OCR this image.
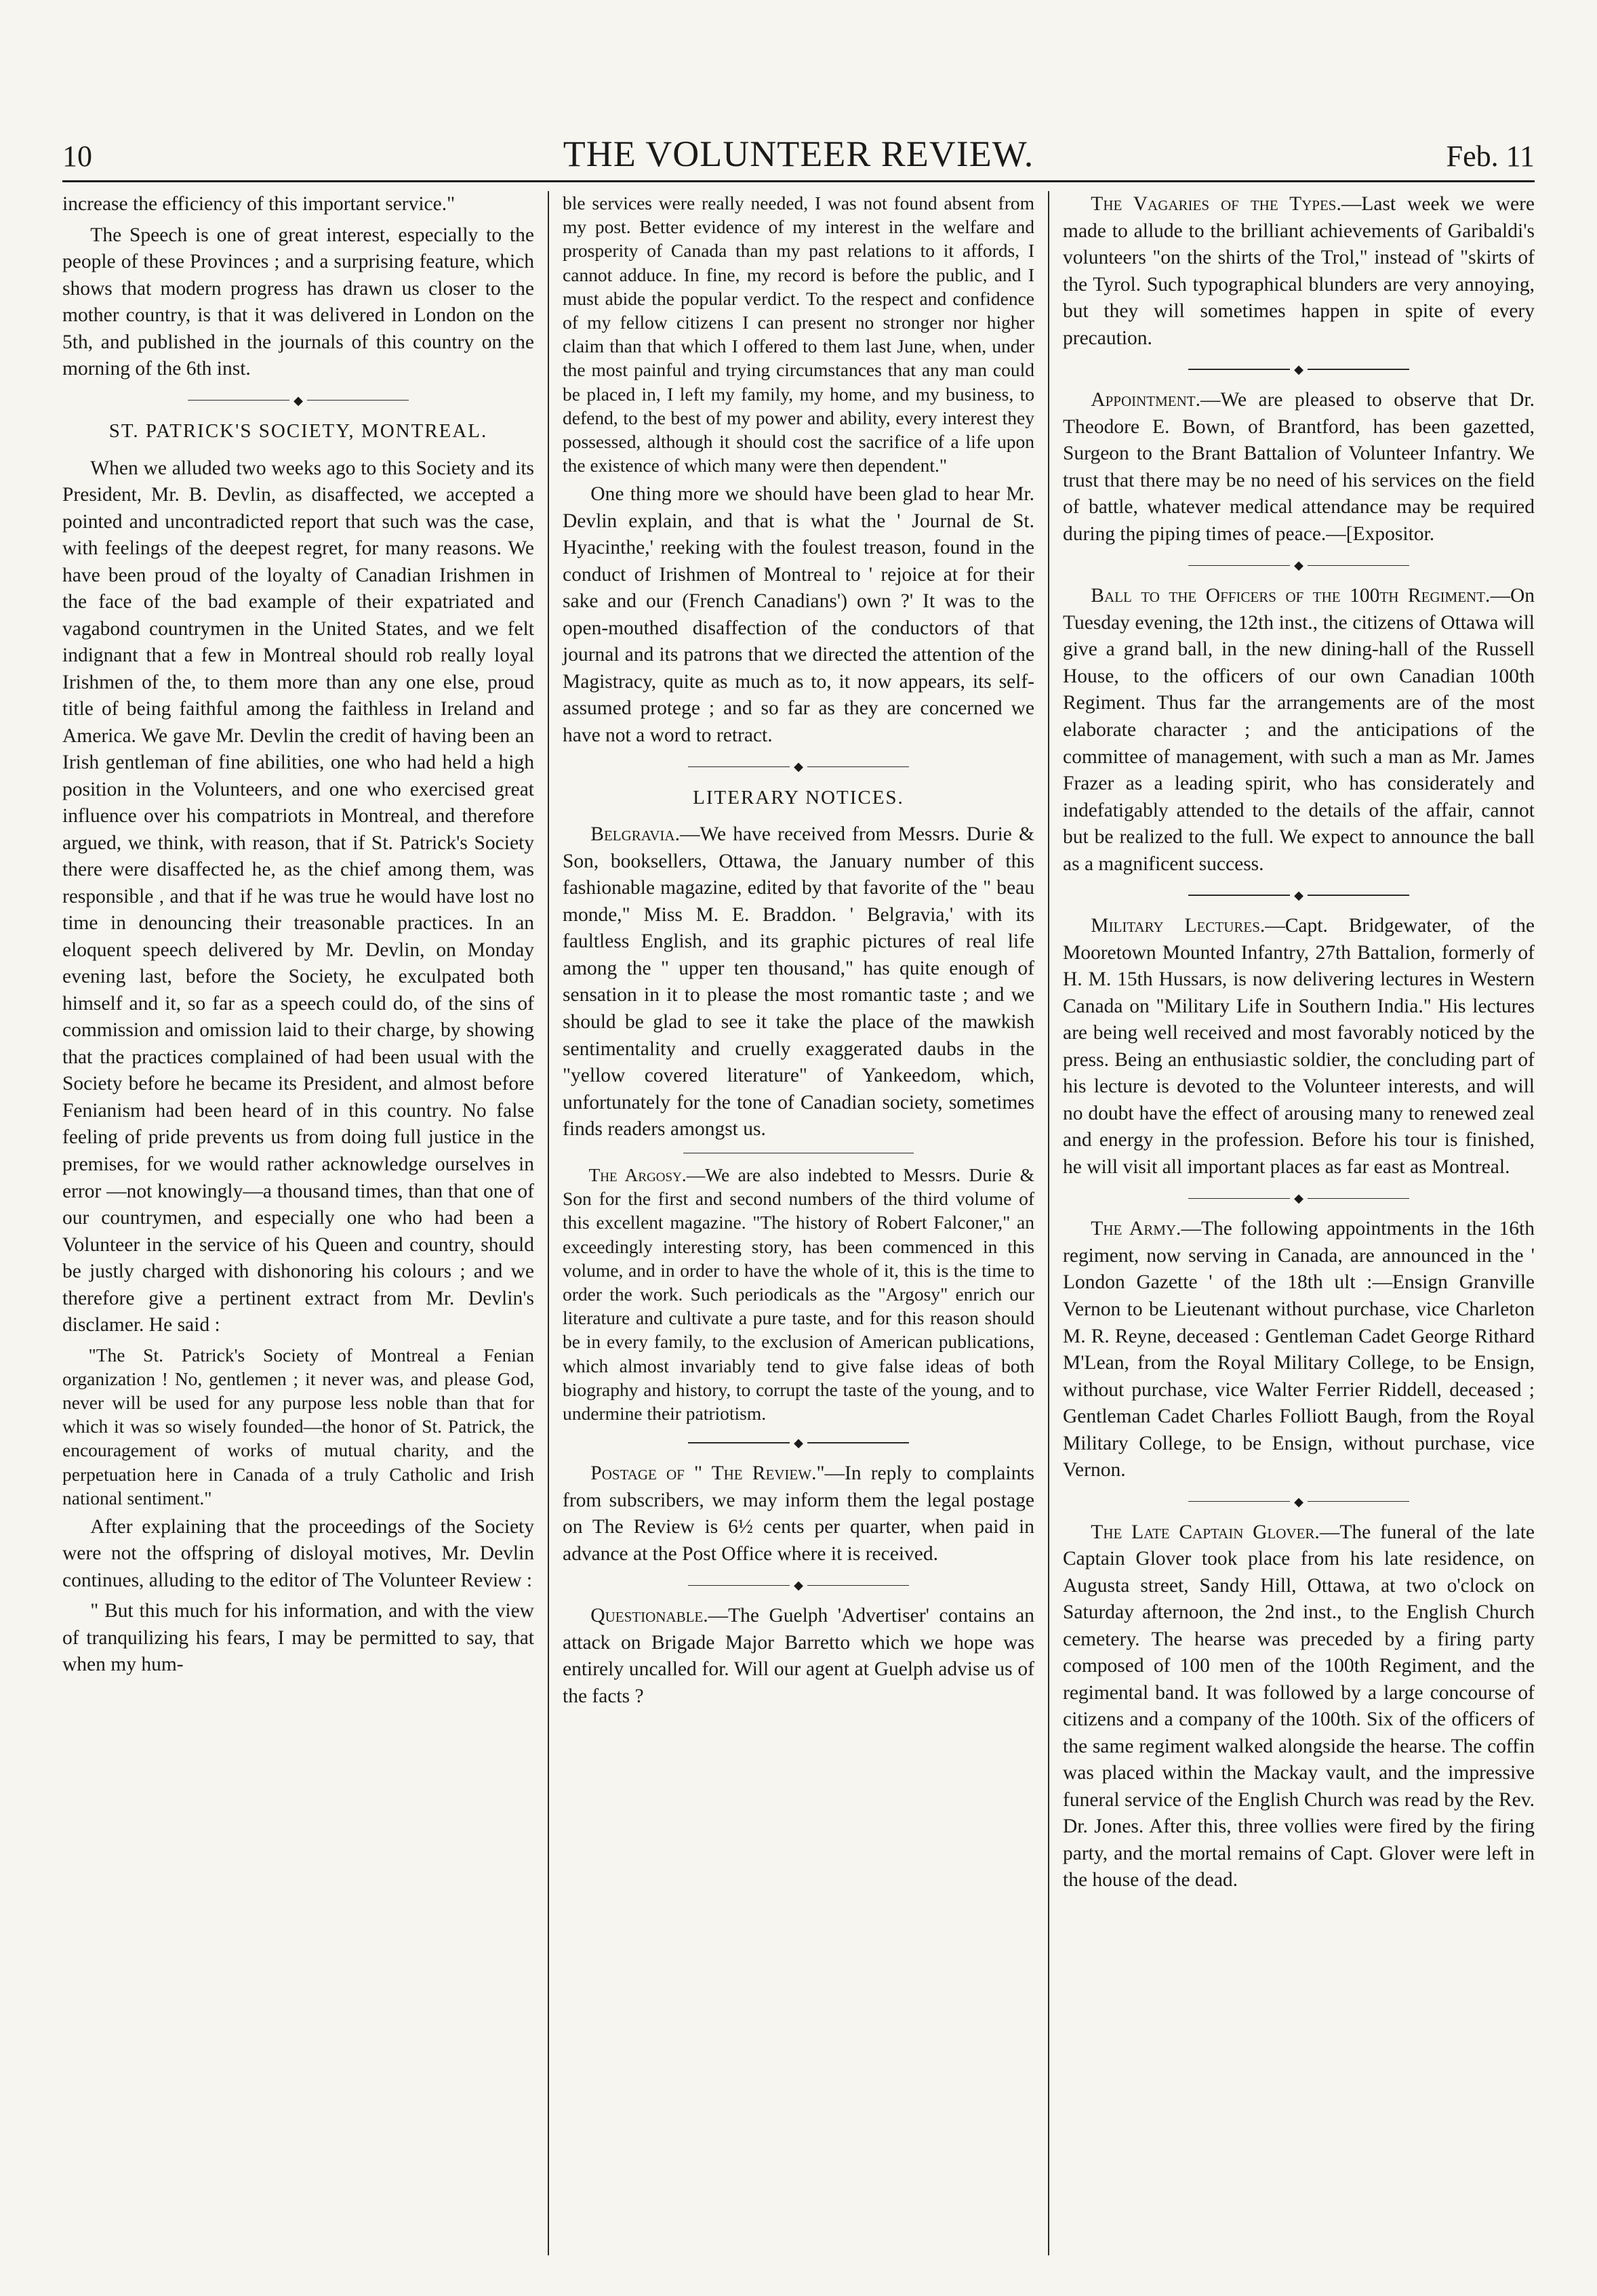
10	THE VOLUNTEER REVIEW.	Feb. 11

increase the efficiency of this important service."

The Speech is one of great interest, especially to the people of these Provinces ; and a surprising feature, which shows that modern progress has drawn us closer to the mother country, is that it was delivered in London on the 5th, and published in the journals of this country on the morning of the 6th inst.

◆
ST. PATRICK'S SOCIETY, MONTREAL.

When we alluded two weeks ago to this Society and its President, Mr. B. Devlin, as disaffected, we accepted a pointed and uncontradicted report that such was the case, with feelings of the deepest regret, for many reasons. We have been proud of the loyalty of Canadian Irishmen in the face of the bad example of their expatriated and vagabond countrymen in the United States, and we felt indignant that a few in Montreal should rob really loyal Irishmen of the, to them more than any one else, proud title of being faithful among the faithless in Ireland and America. We gave Mr. Devlin the credit of having been an Irish gentleman of fine abilities, one who had held a high position in the Volunteers, and one who exercised great influence over his compatriots in Montreal, and therefore argued, we think, with reason, that if St. Patrick's Society there were disaffected he, as the chief among them, was responsible , and that if he was true he would have lost no time in denouncing their treasonable practices. In an eloquent speech delivered by Mr. Devlin, on Monday evening last, before the Society, he exculpated both himself and it, so far as a speech could do, of the sins of commission and omission laid to their charge, by showing that the practices complained of had been usual with the Society before he became its President, and almost before Fenianism had been heard of in this country. No false feeling of pride prevents us from doing full justice in the premises, for we would rather acknowledge ourselves in error —not knowingly—a thousand times, than that one of our countrymen, and especially one who had been a Volunteer in the service of his Queen and country, should be justly charged with dishonoring his colours ; and we therefore give a pertinent extract from Mr. Devlin's disclamer. He said :

"The St. Patrick's Society of Montreal a Fenian organization ! No, gentlemen ; it never was, and please God, never will be used for any purpose less noble than that for which it was so wisely founded—the honor of St. Patrick, the encouragement of works of mutual charity, and the perpetuation here in Canada of a truly Catholic and Irish national sentiment."

After explaining that the proceedings of the Society were not the offspring of disloyal motives, Mr. Devlin continues, alluding to the editor of The Volunteer Review :

" But this much for his information, and with the view of tranquilizing his fears, I may be permitted to say, that when my hum-

ble services were really needed, I was not found absent from my post. Better evidence of my interest in the welfare and prosperity of Canada than my past relations to it affords, I cannot adduce. In fine, my record is before the public, and I must abide the popular verdict. To the respect and confidence of my fellow citizens I can present no stronger nor higher claim than that which I offered to them last June, when, under the most painful and trying circumstances that any man could be placed in, I left my family, my home, and my business, to defend, to the best of my power and ability, every interest they possessed, although it should cost the sacrifice of a life upon the existence of which many were then dependent."

One thing more we should have been glad to hear Mr. Devlin explain, and that is what the ' Journal de St. Hyacinthe,' reeking with the foulest treason, found in the conduct of Irishmen of Montreal to ' rejoice at for their sake and our (French Canadians') own ?' It was to the open-mouthed disaffection of the conductors of that journal and its patrons that we directed the attention of the Magistracy, quite as much as to, it now appears, its self-assumed protege ; and so far as they are concerned we have not a word to retract.

◆
LITERARY NOTICES.

Belgravia.—We have received from Messrs. Durie & Son, booksellers, Ottawa, the January number of this fashionable magazine, edited by that favorite of the " beau monde," Miss M. E. Braddon. ' Belgravia,' with its faultless English, and its graphic pictures of real life among the " upper ten thousand," has quite enough of sensation in it to please the most romantic taste ; and we should be glad to see it take the place of the mawkish sentimentality and cruelly exaggerated daubs in the "yellow covered literature" of Yankeedom, which, unfortunately for the tone of Canadian society, sometimes finds readers amongst us.

The Argosy.—We are also indebted to Messrs. Durie & Son for the first and second numbers of the third volume of this excellent magazine. "The history of Robert Falconer," an exceedingly interesting story, has been commenced in this volume, and in order to have the whole of it, this is the time to order the work. Such periodicals as the "Argosy" enrich our literature and cultivate a pure taste, and for this reason should be in every family, to the exclusion of American publications, which almost invariably tend to give false ideas of both biography and history, to corrupt the taste of the young, and to undermine their patriotism.

◆

Postage of " The Review."—In reply to complaints from subscribers, we may inform them the legal postage on The Review is 6½ cents per quarter, when paid in advance at the Post Office where it is received.

◆

Questionable.—The Guelph 'Advertiser' contains an attack on Brigade Major Barretto which we hope was entirely uncalled for. Will our agent at Guelph advise us of the facts ?

The Vagaries of the Types.—Last week we were made to allude to the brilliant achievements of Garibaldi's volunteers "on the shirts of the Trol," instead of "skirts of the Tyrol. Such typographical blunders are very annoying, but they will sometimes happen in spite of every precaution.

◆

Appointment.—We are pleased to observe that Dr. Theodore E. Bown, of Brantford, has been gazetted, Surgeon to the Brant Battalion of Volunteer Infantry. We trust that there may be no need of his services on the field of battle, whatever medical attendance may be required during the piping times of peace.—[Expositor.

◆

Ball to the Officers of the 100th Regiment.—On Tuesday evening, the 12th inst., the citizens of Ottawa will give a grand ball, in the new dining-hall of the Russell House, to the officers of our own Canadian 100th Regiment. Thus far the arrangements are of the most elaborate character ; and the anticipations of the committee of management, with such a man as Mr. James Frazer as a leading spirit, who has considerately and indefatigably attended to the details of the affair, cannot but be realized to the full. We expect to announce the ball as a magnificent success.

◆

Military Lectures.—Capt. Bridgewater, of the Mooretown Mounted Infantry, 27th Battalion, formerly of H. M. 15th Hussars, is now delivering lectures in Western Canada on "Military Life in Southern India." His lectures are being well received and most favorably noticed by the press. Being an enthusiastic soldier, the concluding part of his lecture is devoted to the Volunteer interests, and will no doubt have the effect of arousing many to renewed zeal and energy in the profession. Before his tour is finished, he will visit all important places as far east as Montreal.

◆

The Army.—The following appointments in the 16th regiment, now serving in Canada, are announced in the ' London Gazette ' of the 18th ult :—Ensign Granville Vernon to be Lieutenant without purchase, vice Charleton M. R. Reyne, deceased : Gentleman Cadet George Rithard M'Lean, from the Royal Military College, to be Ensign, without purchase, vice Walter Ferrier Riddell, deceased ; Gentleman Cadet Charles Folliott Baugh, from the Royal Military College, to be Ensign, without purchase, vice Vernon.

◆

The Late Captain Glover.—The funeral of the late Captain Glover took place from his late residence, on Augusta street, Sandy Hill, Ottawa, at two o'clock on Saturday afternoon, the 2nd inst., to the English Church cemetery. The hearse was preceded by a firing party composed of 100 men of the 100th Regiment, and the regimental band. It was followed by a large concourse of citizens and a company of the 100th. Six of the officers of the same regiment walked alongside the hearse. The coffin was placed within the Mackay vault, and the impressive funeral service of the English Church was read by the Rev. Dr. Jones. After this, three vollies were fired by the firing party, and the mortal remains of Capt. Glover were left in the house of the dead.
